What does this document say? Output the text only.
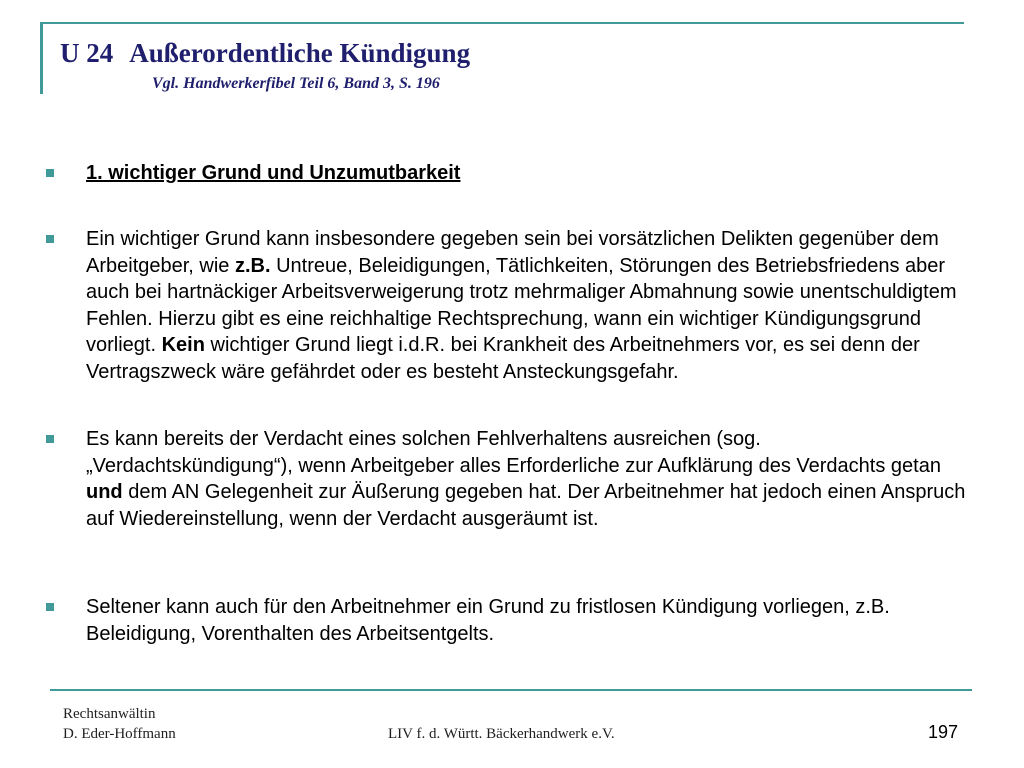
U 24 Außerordentliche Kündigung
Vgl. Handwerkerfibel Teil 6, Band 3, S. 196
1. wichtiger Grund und Unzumutbarkeit
Ein wichtiger Grund kann insbesondere gegeben sein bei vorsätzlichen Delikten gegenüber dem Arbeitgeber, wie z.B. Untreue, Beleidigungen, Tätlichkeiten, Störungen des Betriebsfriedens aber auch bei hartnäckiger Arbeitsverweigerung trotz mehrmaliger Abmahnung sowie unentschuldigtem Fehlen. Hierzu gibt es eine reichhaltige Rechtsprechung, wann ein wichtiger Kündigungsgrund vorliegt. Kein wichtiger Grund liegt i.d.R. bei Krankheit des Arbeitnehmers vor, es sei denn der Vertragszweck wäre gefährdet oder es besteht Ansteckungsgefahr.
Es kann bereits der Verdacht eines solchen Fehlverhaltens ausreichen (sog. „Verdachtskündigung“), wenn Arbeitgeber alles Erforderliche zur Aufklärung des Verdachts getan und dem AN Gelegenheit zur Äußerung gegeben hat. Der Arbeitnehmer hat jedoch einen Anspruch auf Wiedereinstellung, wenn der Verdacht ausgeräumt ist.
Seltener kann auch für den Arbeitnehmer ein Grund zu fristlosen Kündigung vorliegen, z.B. Beleidigung, Vorenthalten des Arbeitsentgelts.
Rechtsanwältin
D. Eder-Hoffmann	LIV f. d. Württ. Bäckerhandwerk e.V.	197
